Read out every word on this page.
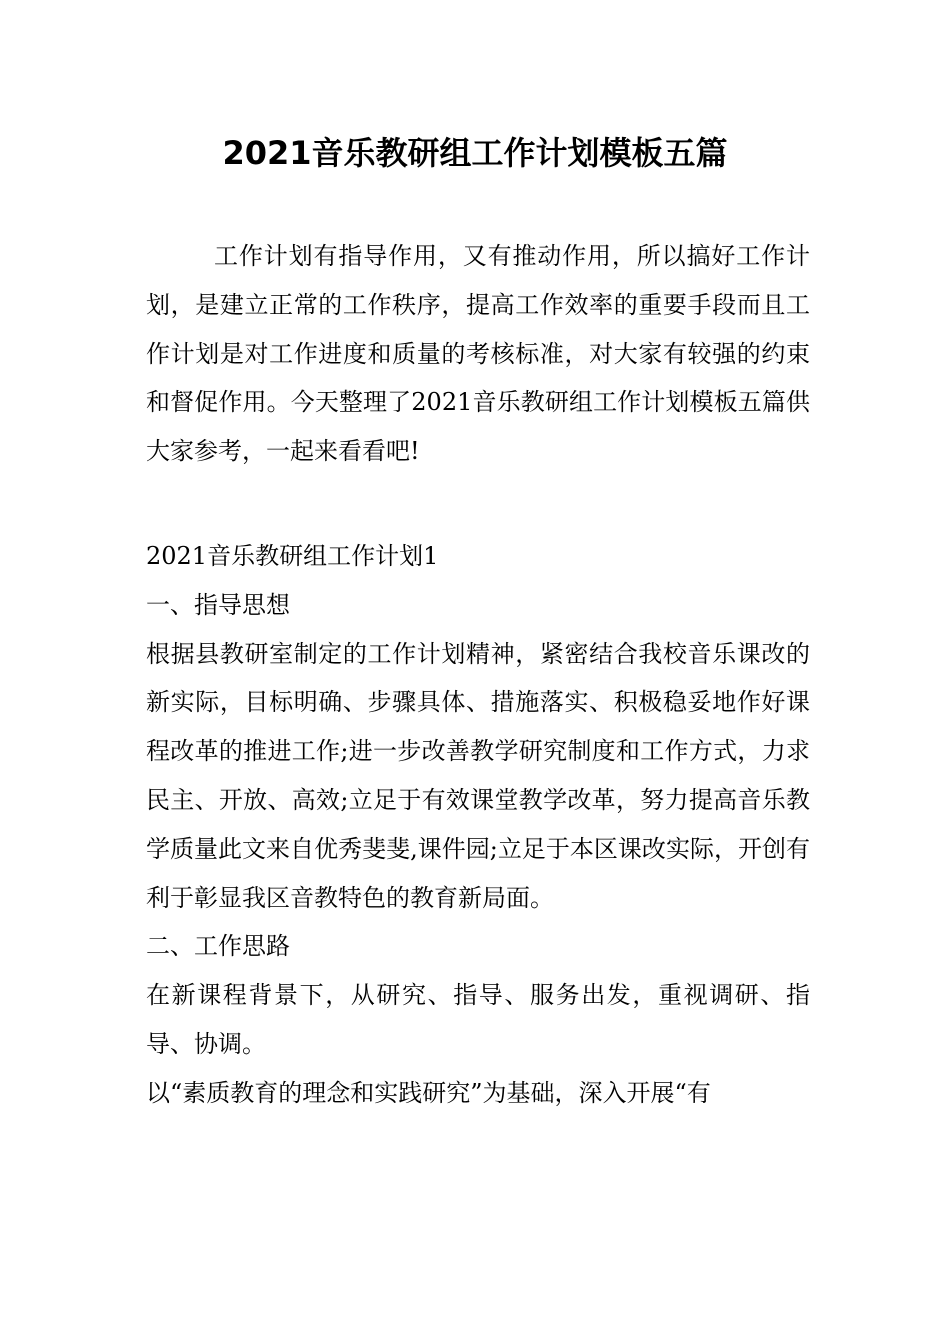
2021音乐教研组工作计划模板五篇

工作计划有指导作用，又有推动作用，所以搞好工作计划，是建立正常的工作秩序，提高工作效率的重要手段而且工作计划是对工作进度和质量的考核标准，对大家有较强的约束和督促作用。今天整理了2021音乐教研组工作计划模板五篇供大家参考，一起来看看吧!

2021音乐教研组工作计划1

一、指导思想

根据县教研室制定的工作计划精神，紧密结合我校音乐课改的新实际，目标明确、步骤具体、措施落实、积极稳妥地作好课程改革的推进工作;进一步改善教学研究制度和工作方式，力求民主、开放、高效;立足于有效课堂教学改革，努力提高音乐教学质量此文来自优秀斐斐,课件园;立足于本区课改实际，开创有利于彰显我区音教特色的教育新局面。

二、工作思路

在新课程背景下，从研究、指导、服务出发，重视调研、指导、协调。

以“素质教育的理念和实践研究”为基础，深入开展“有
